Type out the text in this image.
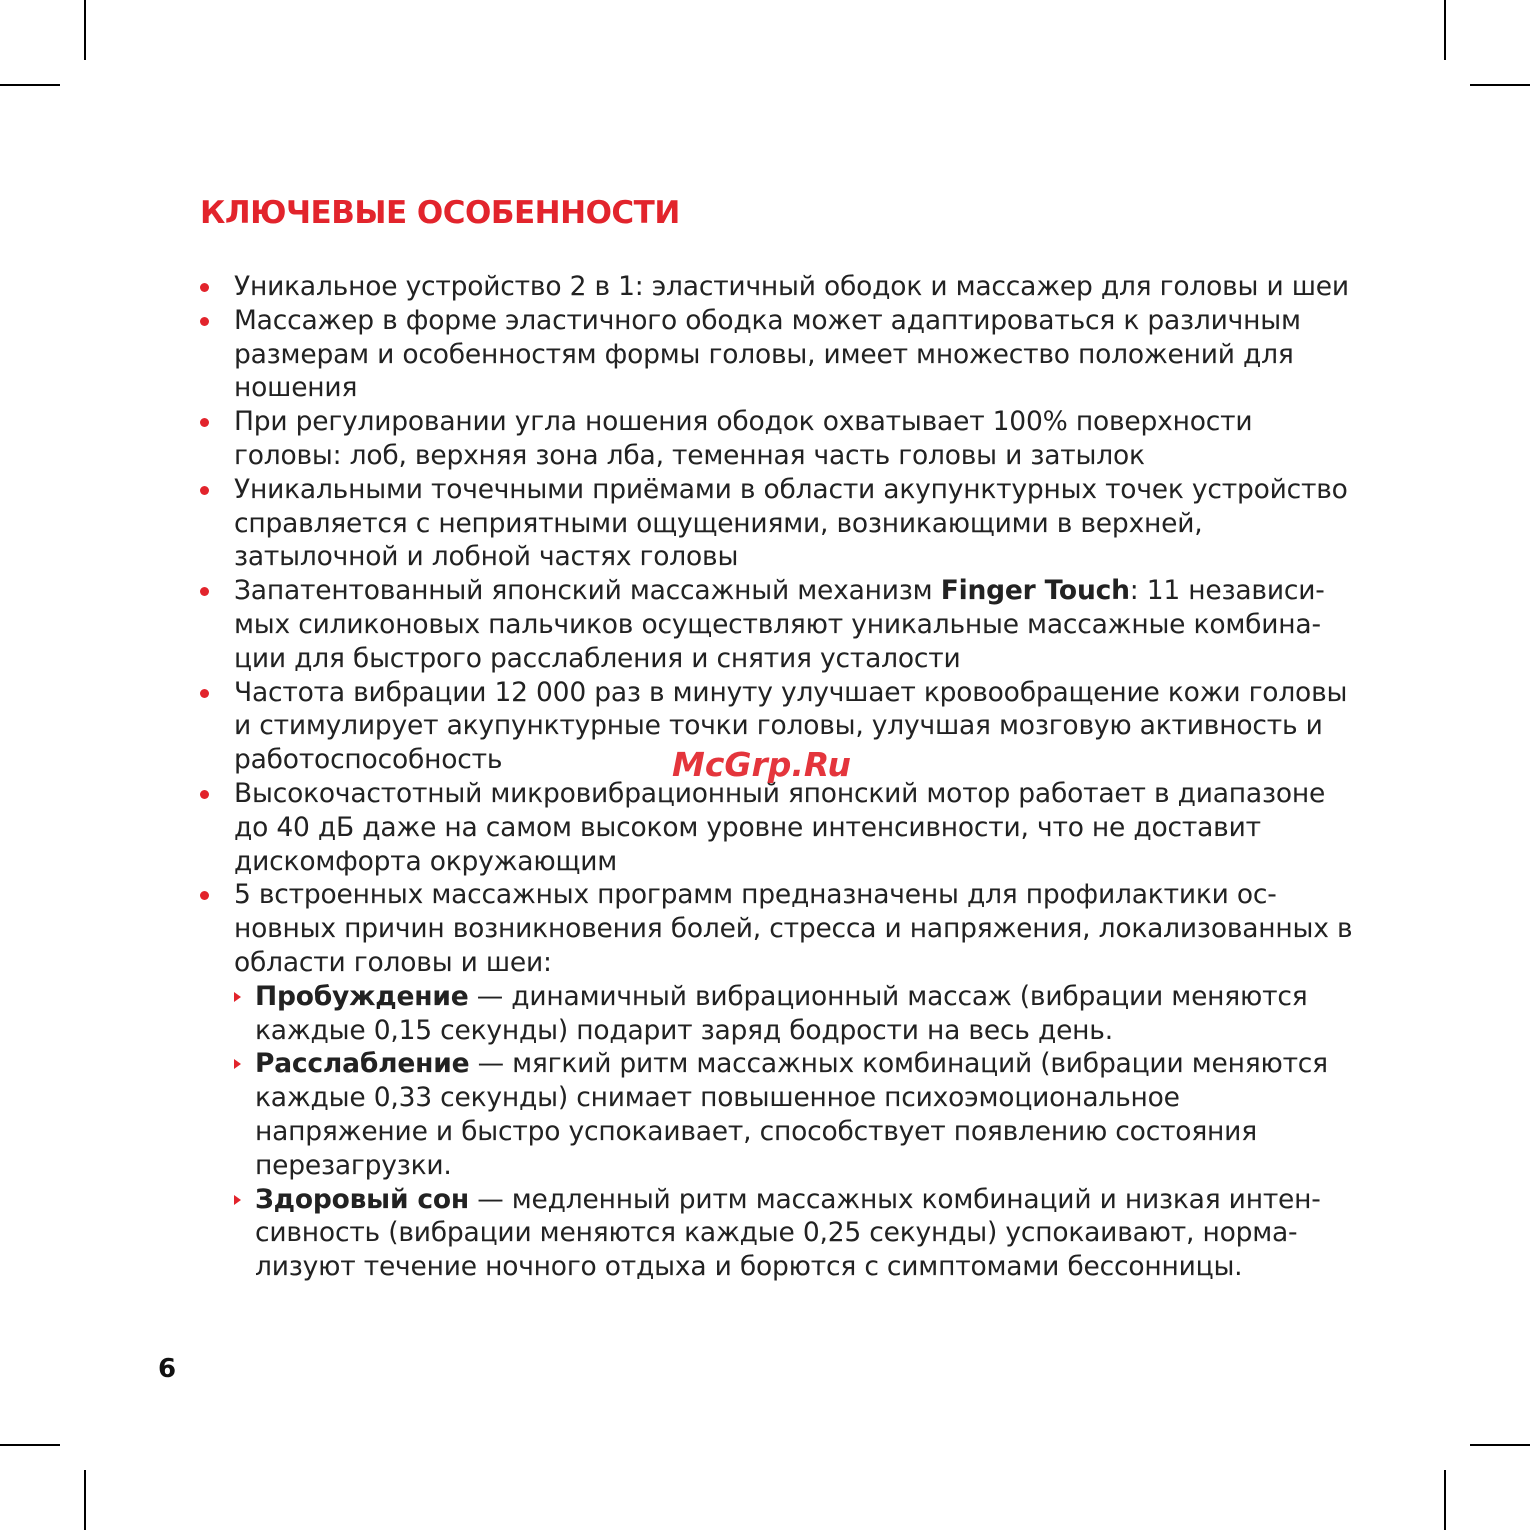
КЛЮЧЕВЫЕ ОСОБЕННОСТИ
Уникальное устройство 2 в 1: эластичный ободок и массажер для головы и шеи
Массажер в форме эластичного ободка может адаптироваться к различным размерам и особенностям формы головы, имеет множество положений для ношения
При регулировании угла ношения ободок охватывает 100% поверхности головы: лоб, верхняя зона лба, теменная часть головы и затылок
Уникальными точечными приёмами в области акупунктурных точек устройство справляется с неприятными ощущениями, возникающими в верхней, затылочной и лобной частях головы
Запатентованный японский массажный механизм Finger Touch: 11 независимых силиконовых пальчиков осуществляют уникальные массажные комбинации для быстрого расслабления и снятия усталости
Частота вибрации 12 000 раз в минуту улучшает кровообращение кожи головы и стимулирует акупунктурные точки головы, улучшая мозговую активность и работоспособность
Высокочастотный микровибрационный японский мотор работает в диапазоне до 40 дБ даже на самом высоком уровне интенсивности, что не доставит дискомфорта окружающим
5 встроенных массажных программ предназначены для профилактики основных причин возникновения болей, стресса и напряжения, локализованных в области головы и шеи:
Пробуждение — динамичный вибрационный массаж (вибрации меняются каждые 0,15 секунды) подарит заряд бодрости на весь день.
Расслабление — мягкий ритм массажных комбинаций (вибрации меняются каждые 0,33 секунды) снимает повышенное психоэмоциональное напряжение и быстро успокаивает, способствует появлению состояния перезагрузки.
Здоровый сон — медленный ритм массажных комбинаций и низкая интенсивность (вибрации меняются каждые 0,25 секунды) успокаивают, нормализуют течение ночного отдыха и борются с симптомами бессонницы.
McGrp.Ru
6
